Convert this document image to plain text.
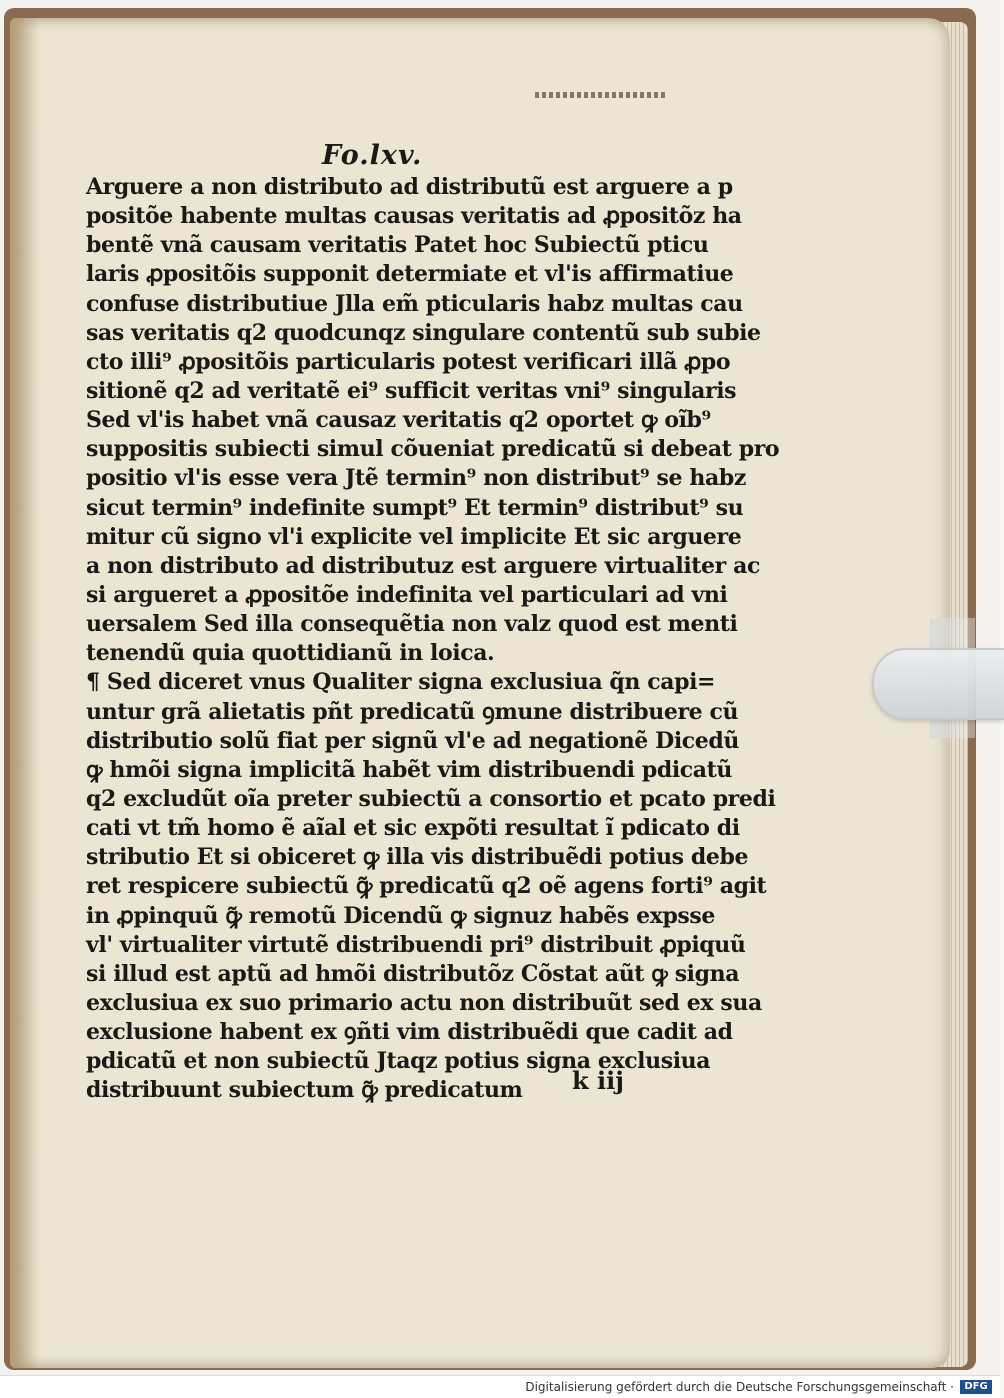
Fo.lxv.
Arguere a non distributo ad distributũ est arguere a p
positõe habente multas causas veritatis ad ꝓpositõz ha
bentẽ vnã causam veritatis Patet hoc Subiectũ pticu
laris ꝓpositõis supponit determiate et vl'is affirmatiue
confuse distributiue Jlla em̃ pticularis habz multas cau
sas veritatis q2 quodcunqz singulare contentũ sub subie
cto illi⁹ ꝓpositõis particularis potest verificari illã ꝓpo
sitionẽ q2 ad veritatẽ ei⁹ sufficit veritas vni⁹ singularis
Sed vl'is habet vnã causaz veritatis q2 oportet ꝙ oĩb⁹
suppositis subiecti simul cõueniat predicatũ si debeat pro
positio vl'is esse vera Jtẽ termin⁹ non distribut⁹ se habz
sicut termin⁹ indefinite sumpt⁹ Et termin⁹ distribut⁹ su
mitur cũ signo vl'i explicite vel implicite Et sic arguere
a non distributo ad distributuz est arguere virtualiter ac
si argueret a ꝓpositõe indefinita vel particulari ad vni
uersalem Sed illa consequẽtia non valz quod est menti
tenendũ quia quottidianũ in loica.
¶ Sed diceret vnus Qualiter signa exclusiua q̃n capi=
untur grã alietatis pñt predicatũ ꝯmune distribuere cũ
distributio solũ fiat per signũ vl'e ad negationẽ Dicedũ
ꝙ hmõi signa implicitã habẽt vim distribuendi pdicatũ
q2 excludũt oĩa preter subiectũ a consortio et pcato predi
cati vt tm̃ homo ẽ aĩal et sic expõti resultat ĩ pdicato di
stributio Et si obiceret ꝙ illa vis distribuẽdi potius debe
ret respicere subiectũ ꝙ̃ predicatũ q2 oẽ agens forti⁹ agit
in ꝓpinquũ ꝙ̃ remotũ Dicendũ ꝙ signuz habẽs expsse
vl' virtualiter virtutẽ distribuendi pri⁹ distribuit ꝓpiquũ
si illud est aptũ ad hmõi distributõz Cõstat aũt ꝙ signa
exclusiua ex suo primario actu non distribuũt sed ex sua
exclusione habent ex ꝯñti vim distribuẽdi que cadit ad
pdicatũ et non subiectũ Jtaqz potius signa exclusiua
distribuunt subiectum ꝙ̃ predicatum	k iij
Digitalisierung gefördert durch die Deutsche Forschungsgemeinschaft ·	DFG
